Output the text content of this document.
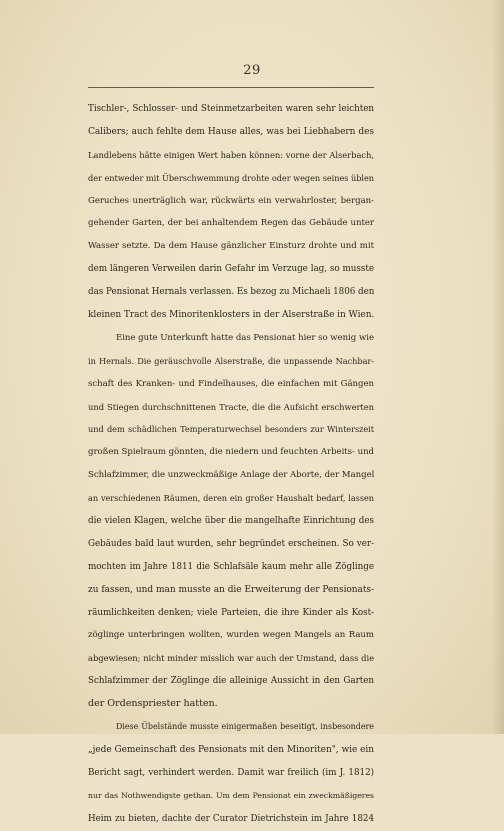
29
Tischler-, Schlosser- und Steinmetzarbeiten waren sehr leichten
Calibers; auch fehlte dem Hause alles, was bei Liebhabern des
Landlebens hätte einigen Wert haben können: vorne der Alserbach,
der entweder mit Überschwemmung drohte oder wegen seines üblen
Geruches unerträglich war, rückwärts ein verwahrloster, bergan-
gehender Garten, der bei anhaltendem Regen das Gebäude unter
Wasser setzte. Da dem Hause gänzlicher Einsturz drohte und mit
dem längeren Verweilen darin Gefahr im Verzuge lag, so musste
das Pensionat Hernals verlassen. Es bezog zu Michaeli 1806 den
kleinen Tract des Minoritenklosters in der Alserstraße in Wien.
Eine gute Unterkunft hatte das Pensionat hier so wenig wie
in Hernals. Die geräuschvolle Alserstraße, die unpassende Nachbar-
schaft des Kranken- und Findelhauses, die einfachen mit Gängen
und Stiegen durchschnittenen Tracte, die die Aufsicht erschwerten
und dem schädlichen Temperaturwechsel besonders zur Winterszeit
großen Spielraum gönnten, die niedern und feuchten Arbeits- und
Schlafzimmer, die unzweckmäßige Anlage der Aborte, der Mangel
an verschiedenen Räumen, deren ein großer Haushalt bedarf, lassen
die vielen Klagen, welche über die mangelhafte Einrichtung des
Gebäudes bald laut wurden, sehr begründet erscheinen. So ver-
mochten im Jahre 1811 die Schlafsäle kaum mehr alle Zöglinge
zu fassen, und man musste an die Erweiterung der Pensionats-
räumlichkeiten denken; viele Parteien, die ihre Kinder als Kost-
zöglinge unterbringen wollten, wurden wegen Mangels an Raum
abgewiesen; nicht minder misslich war auch der Umstand, dass die
Schlafzimmer der Zöglinge die alleinige Aussicht in den Garten
der Ordenspriester hatten.
Diese Übelstände musste einigermaßen beseitigt, insbesondere
„jede Gemeinschaft des Pensionats mit den Minoriten", wie ein
Bericht sagt, verhindert werden. Damit war freilich (im J. 1812)
nur das Nothwendigste gethan. Um dem Pensionat ein zweckmäßigeres
Heim zu bieten, dachte der Curator Dietrichstein im Jahre 1824
